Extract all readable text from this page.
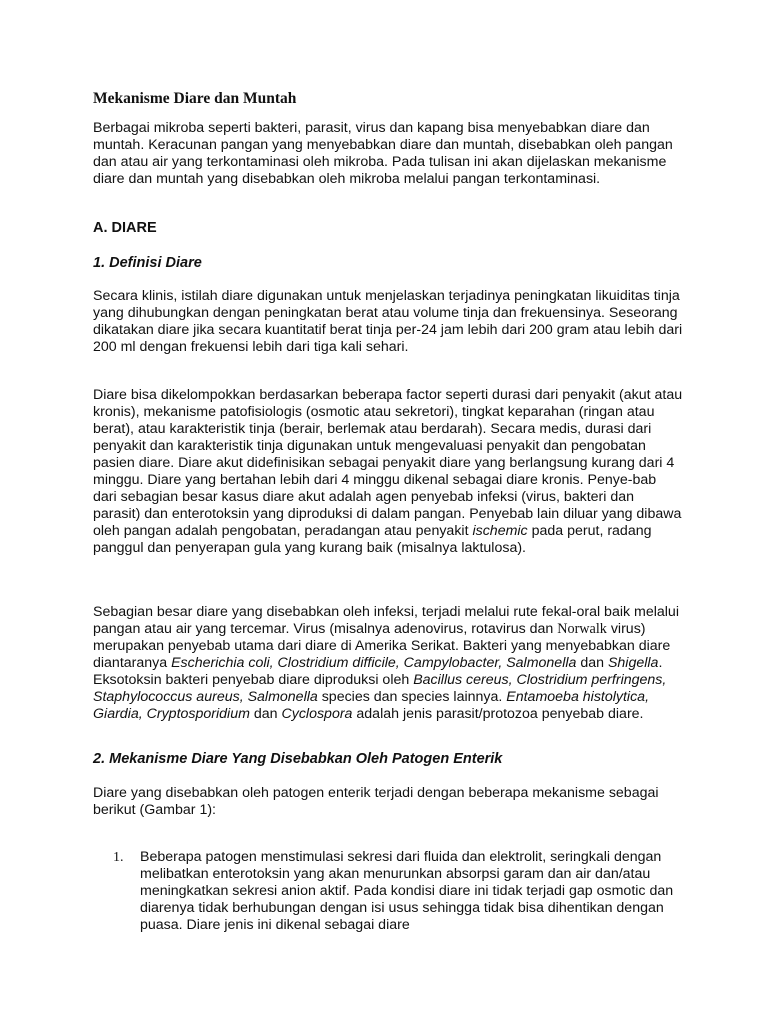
Mekanisme Diare dan Muntah

Berbagai mikroba seperti bakteri, parasit, virus dan kapang bisa menyebabkan diare dan muntah. Keracunan pangan yang menyebabkan diare dan muntah, disebabkan oleh pangan dan atau air yang terkontaminasi oleh mikroba. Pada tulisan ini akan dijelaskan mekanisme diare dan muntah yang disebabkan oleh mikroba melalui pangan terkontaminasi.

A. DIARE

1. Definisi Diare

Secara klinis, istilah diare digunakan untuk menjelaskan terjadinya peningkatan likuiditas tinja yang dihubungkan dengan peningkatan berat atau volume tinja dan frekuensinya. Seseorang dikatakan diare jika secara kuantitatif berat tinja per-24 jam lebih dari 200 gram atau lebih dari 200 ml dengan frekuensi lebih dari tiga kali sehari.

Diare bisa dikelompokkan berdasarkan beberapa factor seperti durasi dari penyakit (akut atau kronis), mekanisme patofisiologis (osmotic atau sekretori), tingkat keparahan (ringan atau berat), atau karakteristik tinja (berair, berlemak atau berdarah). Secara medis, durasi dari penyakit dan karakteristik tinja digunakan untuk mengevaluasi penyakit dan pengobatan pasien diare. Diare akut didefinisikan sebagai penyakit diare yang berlangsung kurang dari 4 minggu. Diare yang bertahan lebih dari 4 minggu dikenal sebagai diare kronis. Penye-bab dari sebagian besar kasus diare akut adalah agen penyebab infeksi (virus, bakteri dan parasit) dan enterotoksin yang diproduksi di dalam pangan. Penyebab lain diluar yang dibawa oleh pangan adalah pengobatan, peradangan atau penyakit ischemic pada perut, radang panggul dan penyerapan gula yang kurang baik (misalnya laktulosa).

Sebagian besar diare yang disebabkan oleh infeksi, terjadi melalui rute fekal-oral baik melalui pangan atau air yang tercemar. Virus (misalnya adenovirus, rotavirus dan Norwalk virus) merupakan penyebab utama dari diare di Amerika Serikat. Bakteri yang menyebabkan diare diantaranya Escherichia coli, Clostridium difficile, Campylobacter, Salmonella dan Shigella. Eksotoksin bakteri penyebab diare diproduksi oleh Bacillus cereus, Clostridium perfringens, Staphylococcus aureus, Salmonella species dan species lainnya. Entamoeba histolytica, Giardia, Cryptosporidium dan Cyclospora adalah jenis parasit/protozoa penyebab diare.

2. Mekanisme Diare Yang Disebabkan Oleh Patogen Enterik

Diare yang disebabkan oleh patogen enterik terjadi dengan beberapa mekanisme sebagai berikut (Gambar 1):

1. Beberapa patogen menstimulasi sekresi dari fluida dan elektrolit, seringkali dengan melibatkan enterotoksin yang akan menurunkan absorpsi garam dan air dan/atau meningkatkan sekresi anion aktif. Pada kondisi diare ini tidak terjadi gap osmotic dan diarenya tidak berhubungan dengan isi usus sehingga tidak bisa dihentikan dengan puasa. Diare jenis ini dikenal sebagai diare
